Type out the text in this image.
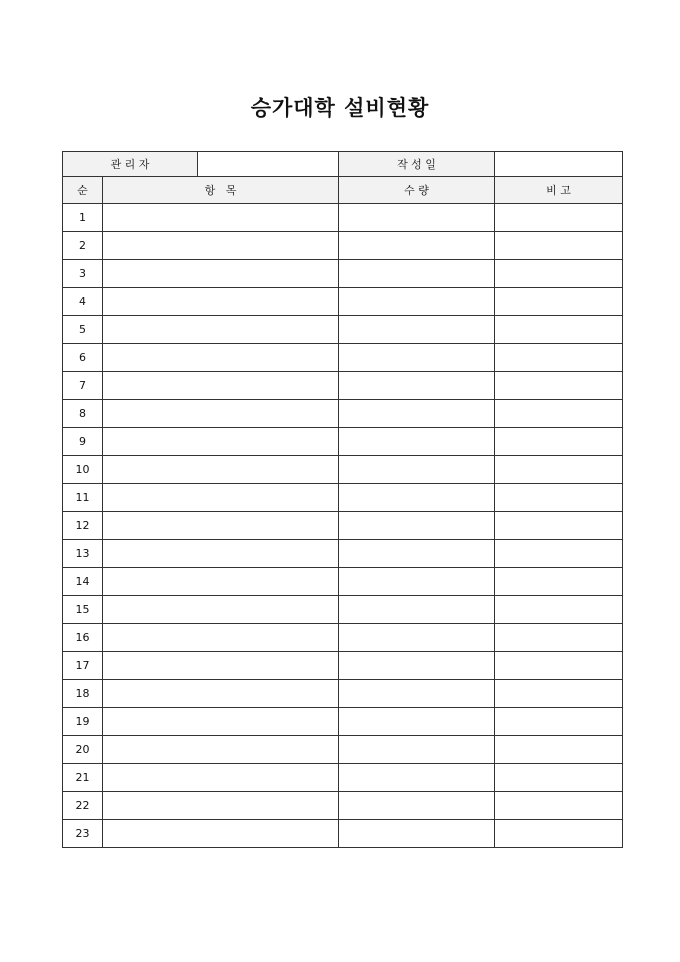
승가대학 설비현황
관 리 자			작 성 일	
순	항   목		수 량	비 고
1				
2				
3				
4				
5				
6				
7				
8				
9				
10				
11				
12				
13				
14				
15				
16				
17				
18				
19				
20				
21				
22				
23				
